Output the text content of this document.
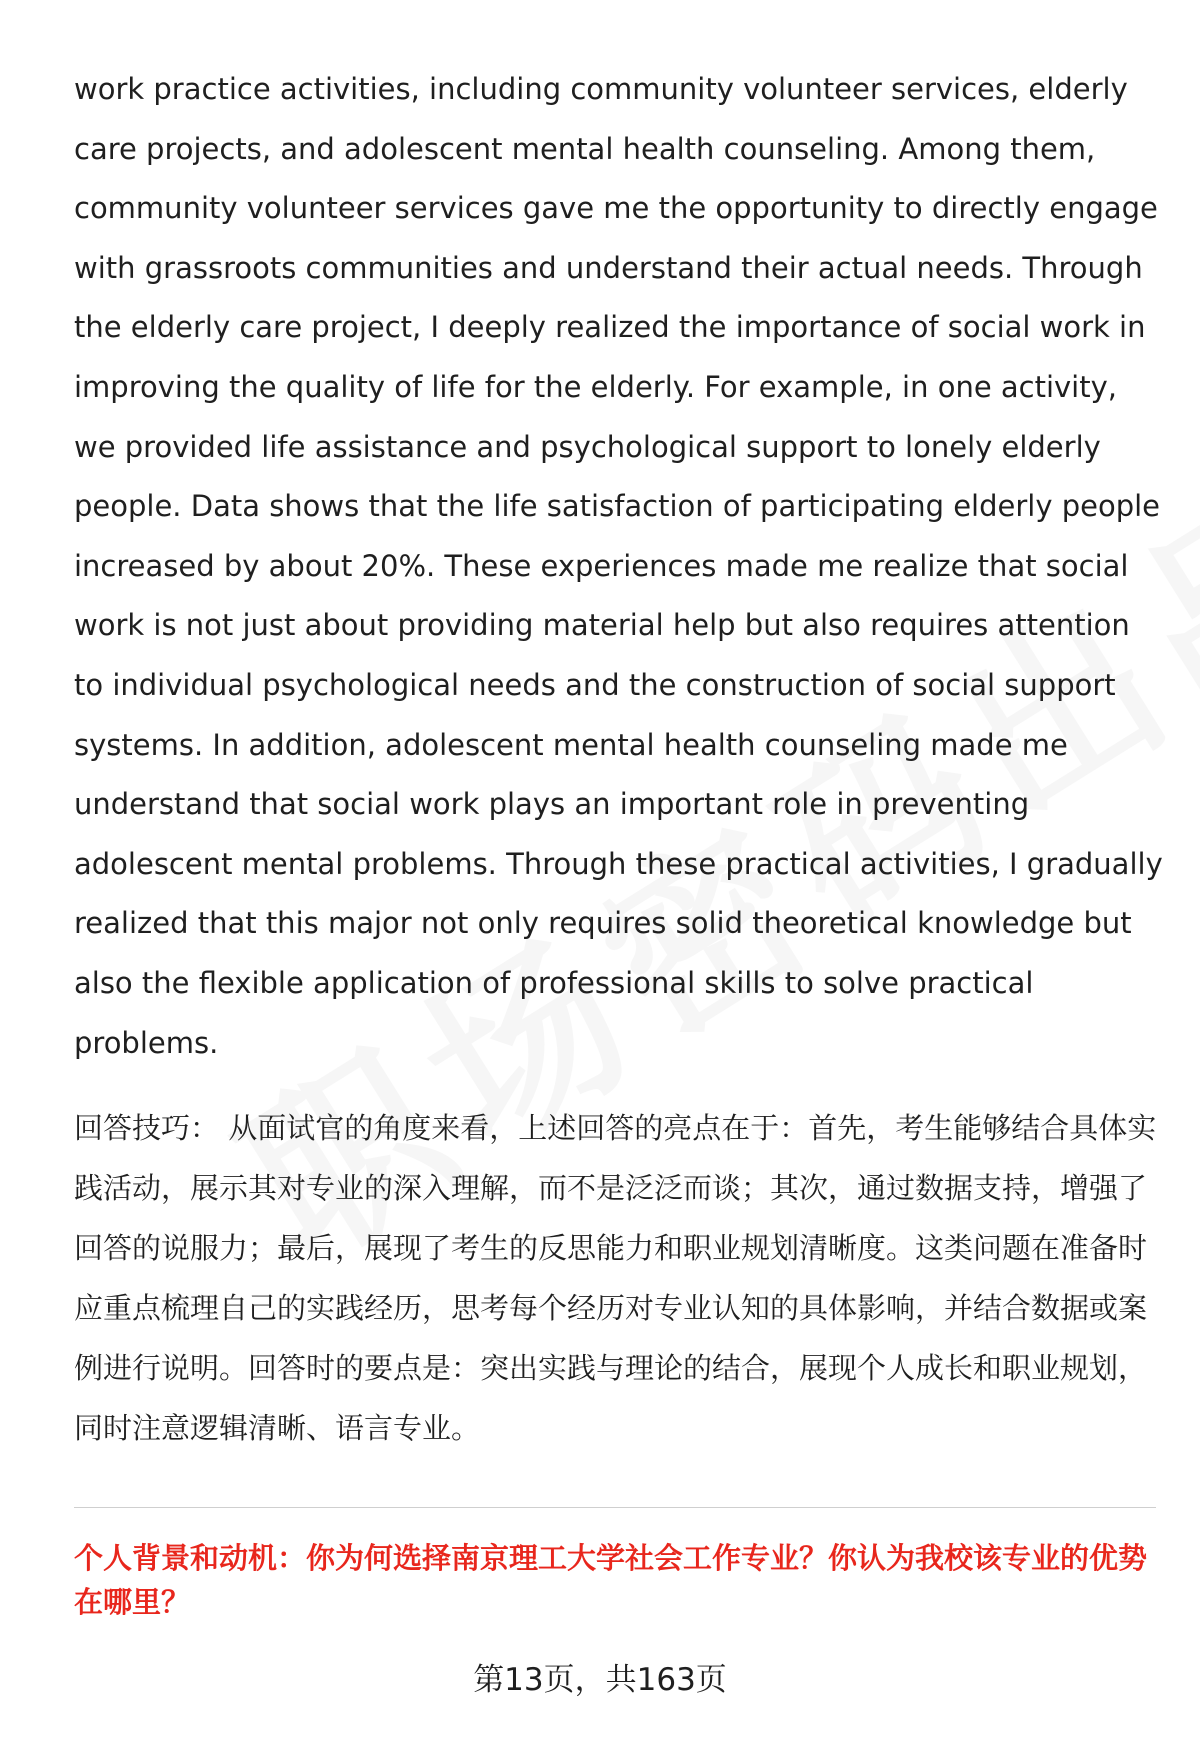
work practice activities, including community volunteer services, elderly care projects, and adolescent mental health counseling. Among them, community volunteer services gave me the opportunity to directly engage with grassroots communities and understand their actual needs. Through the elderly care project, I deeply realized the importance of social work in improving the quality of life for the elderly. For example, in one activity, we provided life assistance and psychological support to lonely elderly people. Data shows that the life satisfaction of participating elderly people increased by about 20%. These experiences made me realize that social work is not just about providing material help but also requires attention to individual psychological needs and the construction of social support systems. In addition, adolescent mental health counseling made me understand that social work plays an important role in preventing adolescent mental problems. Through these practical activities, I gradually realized that this major not only requires solid theoretical knowledge but also the flexible application of professional skills to solve practical problems.

回答技巧： 从面试官的角度来看，上述回答的亮点在于：首先，考生能够结合具体实践活动，展示其对专业的深入理解，而不是泛泛而谈；其次，通过数据支持，增强了回答的说服力；最后，展现了考生的反思能力和职业规划清晰度。这类问题在准备时应重点梳理自己的实践经历，思考每个经历对专业认知的具体影响，并结合数据或案例进行说明。回答时的要点是：突出实践与理论的结合，展现个人成长和职业规划，同时注意逻辑清晰、语言专业。

个人背景和动机：你为何选择南京理工大学社会工作专业？你认为我校该专业的优势在哪里？

第13页，共163页
